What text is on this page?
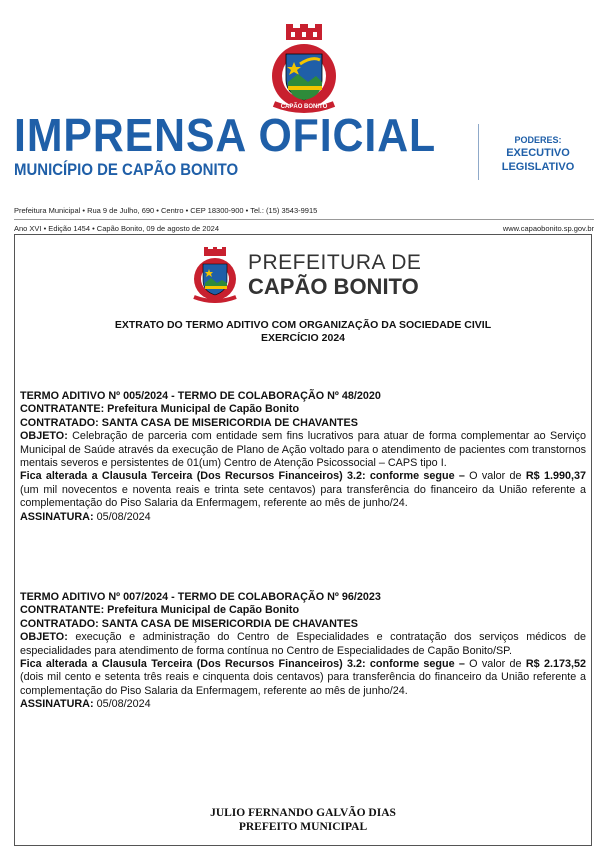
CAPÃO BONITO
IMPRENSA OFICIAL
MUNICÍPIO DE CAPÃO BONITO
PODERES:
EXECUTIVO
LEGISLATIVO
Prefeitura Municipal • Rua 9 de Julho, 690 • Centro • CEP 18300-900 • Tel.: (15) 3543-9915
Ano XVI • Edição 1454 • Capão Bonito, 09 de agosto de 2024	www.capaobonito.sp.gov.br
PREFEITURA DE
CAPÃO BONITO
EXTRATO DO TERMO ADITIVO COM ORGANIZAÇÃO DA SOCIEDADE CIVIL
EXERCÍCIO 2024
TERMO ADITIVO Nº 005/2024 - TERMO DE COLABORAÇÃO Nº 48/2020
CONTRATANTE: Prefeitura Municipal de Capão Bonito
CONTRATADO: SANTA CASA DE MISERICORDIA DE CHAVANTES

OBJETO: Celebração de parceria com entidade sem fins lucrativos para atuar de forma complementar ao Serviço Municipal de Saúde através da execução de Plano de Ação voltado para o atendimento de pacientes com transtornos mentais severos e persistentes de 01(um) Centro de Atenção Psicossocial – CAPS tipo I.

Fica alterada a Clausula Terceira (Dos Recursos Financeiros) 3.2: conforme segue – O valor de R$ 1.990,37 (um mil novecentos e noventa reais e trinta sete centavos) para transferência do financeiro da União referente a complementação do Piso Salaria da Enfermagem, referente ao mês de junho/24.

ASSINATURA: 05/08/2024
TERMO ADITIVO Nº 007/2024 - TERMO DE COLABORAÇÃO Nº 96/2023
CONTRATANTE: Prefeitura Municipal de Capão Bonito
CONTRATADO: SANTA CASA DE MISERICORDIA DE CHAVANTES

OBJETO: execução e administração do Centro de Especialidades e contratação dos serviços médicos de especialidades para atendimento de forma contínua no Centro de Especialidades de Capão Bonito/SP.

Fica alterada a Clausula Terceira (Dos Recursos Financeiros) 3.2: conforme segue – O valor de R$ 2.173,52 (dois mil cento e setenta três reais e cinquenta dois centavos) para transferência do financeiro da União referente a complementação do Piso Salaria da Enfermagem, referente ao mês de junho/24.

ASSINATURA: 05/08/2024
JULIO FERNANDO GALVÃO DIAS
PREFEITO MUNICIPAL
